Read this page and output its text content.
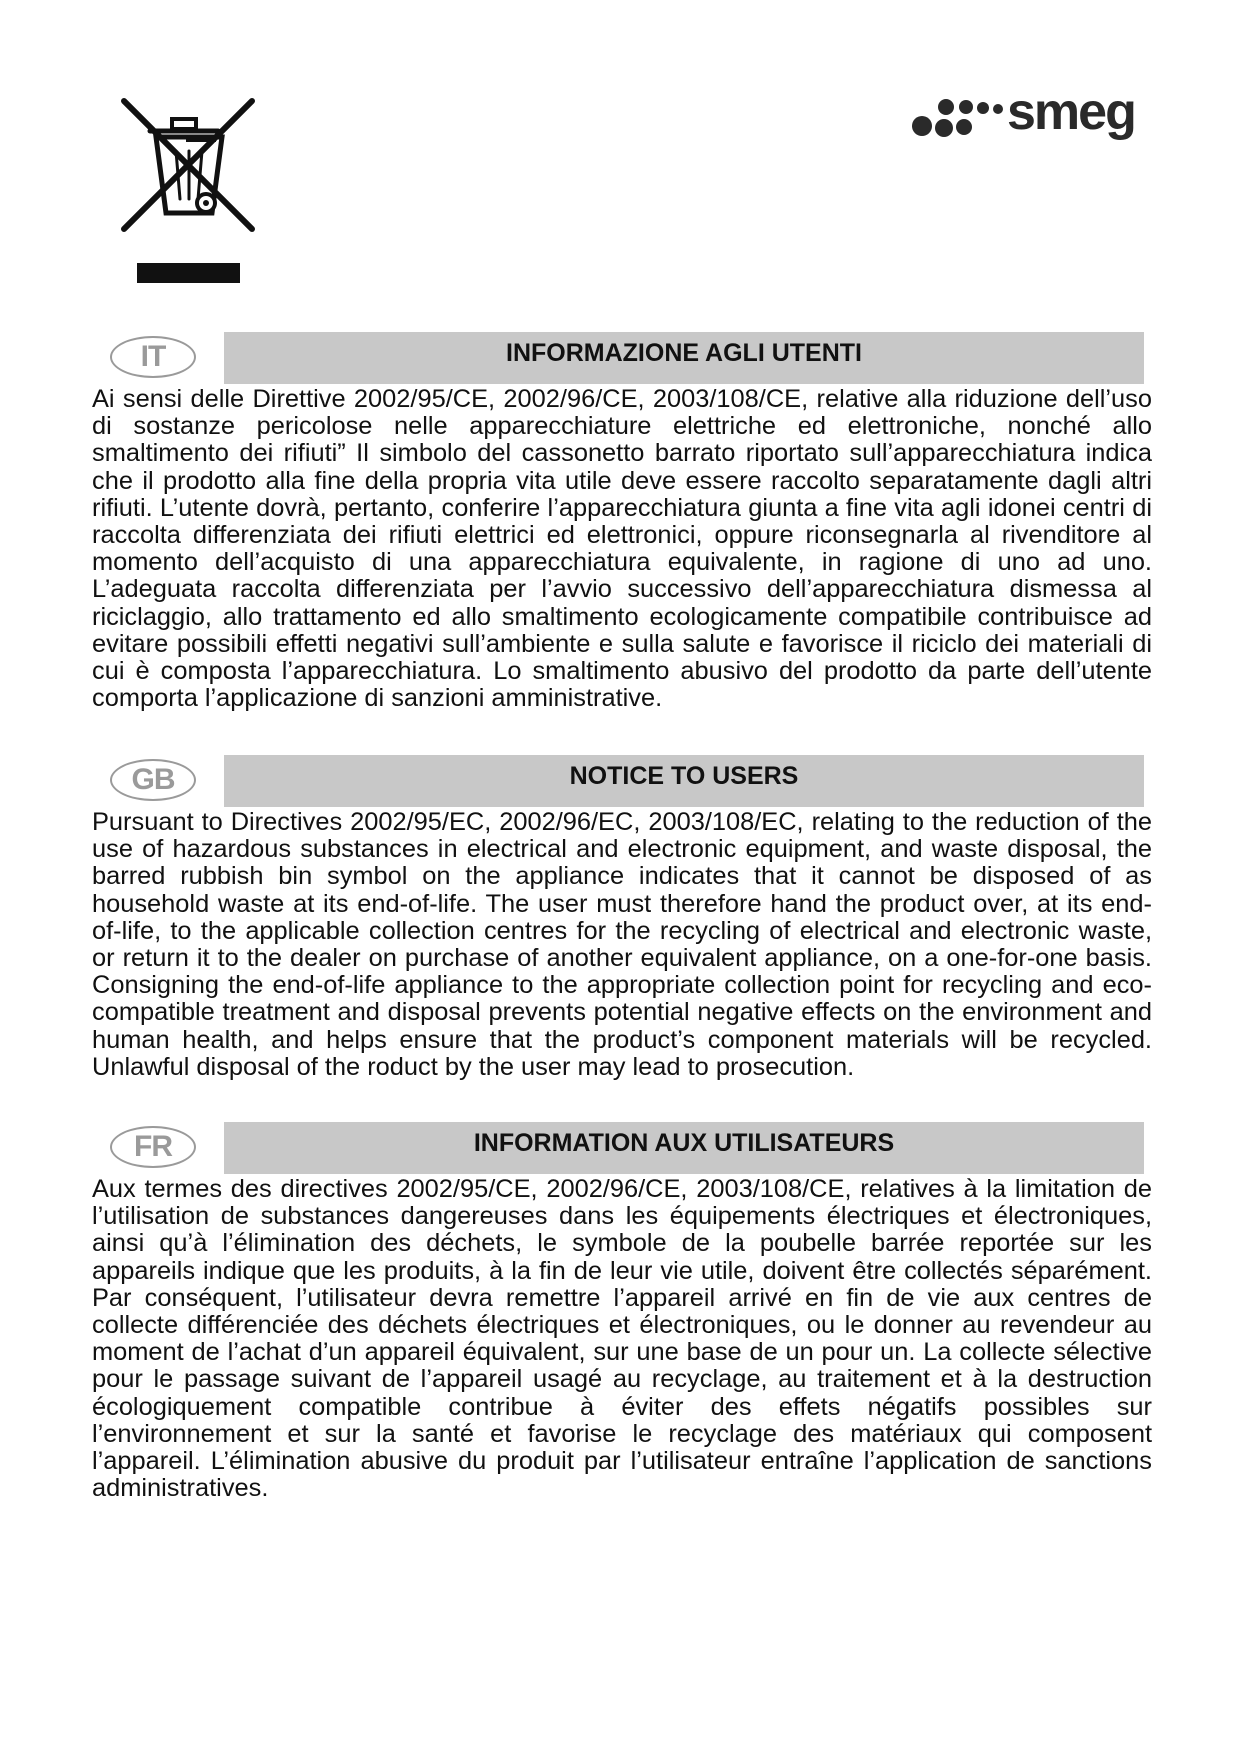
smeg
IT	INFORMAZIONE AGLI UTENTI

Ai sensi delle Direttive 2002/95/CE, 2002/96/CE, 2003/108/CE, relative alla riduzione dell’uso di sostanze pericolose nelle apparecchiature elettriche ed elettroniche, nonché allo smaltimento dei rifiuti” Il simbolo del cassonetto barrato riportato sull’apparecchiatura indica che il prodotto alla fine della propria vita utile deve essere raccolto separatamente dagli altri rifiuti. L’utente dovrà, pertanto, conferire l’apparecchiatura giunta a fine vita agli idonei centri di raccolta differenziata dei rifiuti elettrici ed elettronici, oppure riconsegnarla al rivenditore al momento dell’acquisto di una apparecchiatura equivalente, in ragione di uno ad uno. L’adeguata raccolta differenziata per l’avvio successivo dell’apparecchiatura dismessa al riciclaggio, allo trattamento ed allo smaltimento ecologicamente compatibile contribuisce ad evitare possibili effetti negativi sull’ambiente e sulla salute e favorisce il riciclo dei materiali di cui è composta l’apparecchiatura. Lo smaltimento abusivo del prodotto da parte dell’utente comporta l’applicazione di sanzioni amministrative.

GB	NOTICE TO USERS

Pursuant to Directives 2002/95/EC, 2002/96/EC, 2003/108/EC, relating to the reduction of the use of hazardous substances in electrical and electronic equipment, and waste disposal, the barred rubbish bin symbol on the appliance indicates that it cannot be disposed of as household waste at its end-of-life. The user must therefore hand the product over, at its end-of-life, to the applicable collection centres for the recycling of electrical and electronic waste, or return it to the dealer on purchase of another equivalent appliance, on a one-for-one basis. Consigning the end-of-life appliance to the appropriate collection point for recycling and eco-compatible treatment and disposal prevents potential negative effects on the environment and human health, and helps ensure that the product’s component materials will be recycled. Unlawful disposal of the roduct by the user may lead to prosecution.

FR	INFORMATION AUX UTILISATEURS

Aux termes des directives 2002/95/CE, 2002/96/CE, 2003/108/CE, relatives à la limitation de l’utilisation de substances dangereuses dans les équipements électriques et électroniques, ainsi qu’à l’élimination des déchets, le symbole de la poubelle barrée reportée sur les appareils indique que les produits, à la fin de leur vie utile, doivent être collectés séparément. Par conséquent, l’utilisateur devra remettre l’appareil arrivé en fin de vie aux centres de collecte différenciée des déchets électriques et électroniques, ou le donner au revendeur au moment de l’achat d’un appareil équivalent, sur une base de un pour un. La collecte sélective pour le passage suivant de l’appareil usagé au recyclage, au traitement et à la destruction écologiquement compatible contribue à éviter des effets négatifs possibles sur l’environnement et sur la santé et favorise le recyclage des matériaux qui composent l’appareil. L’élimination abusive du produit par l’utilisateur entraîne l’application de sanctions administratives.
